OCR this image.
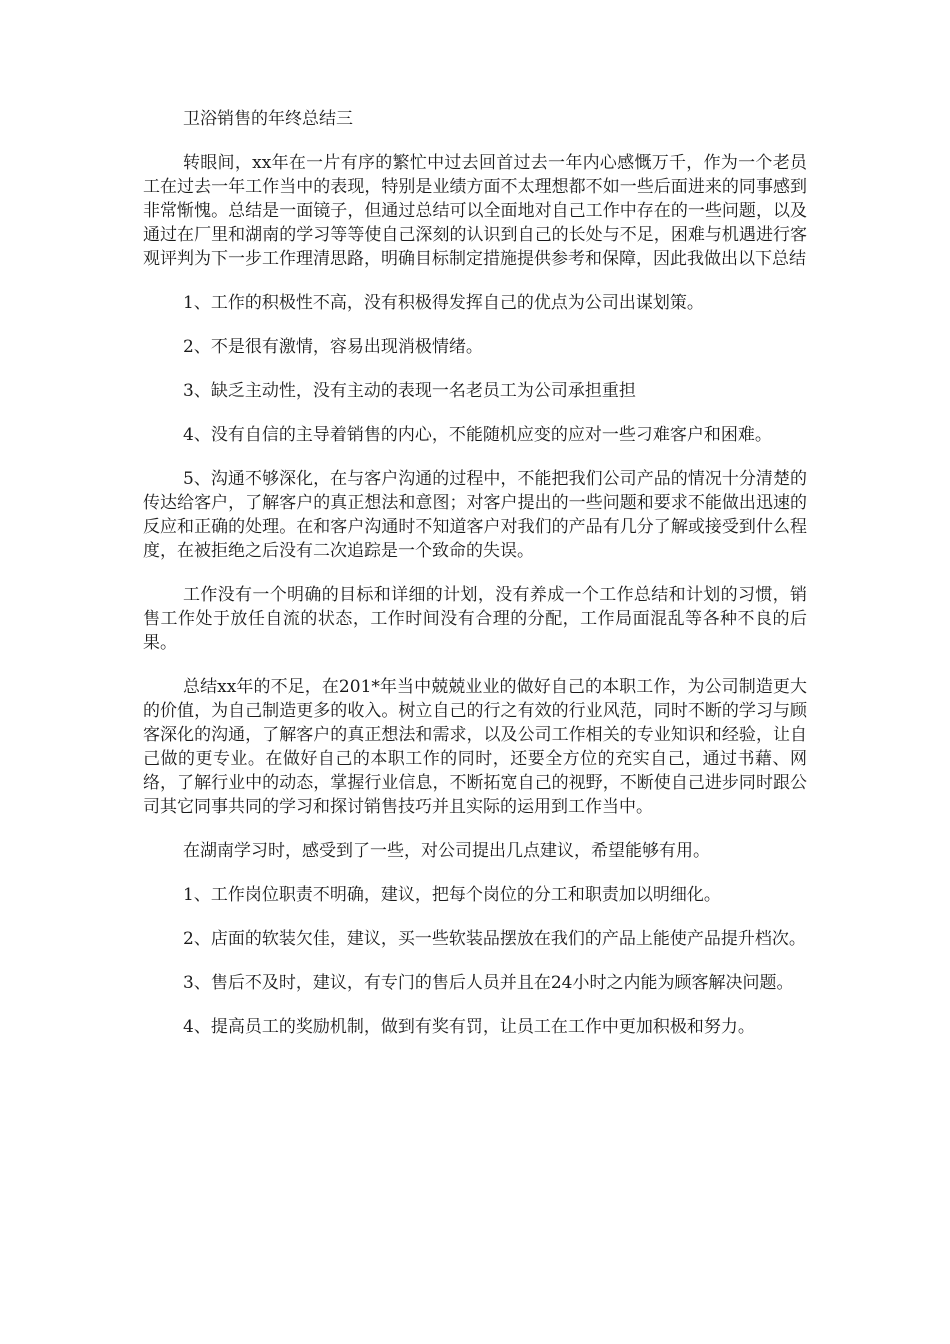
卫浴销售的年终总结三

转眼间，xx年在一片有序的繁忙中过去回首过去一年内心感慨万千，作为一个老员工在过去一年工作当中的表现，特别是业绩方面不太理想都不如一些后面进来的同事感到非常惭愧。总结是一面镜子，但通过总结可以全面地对自己工作中存在的一些问题，以及通过在厂里和湖南的学习等等使自己深刻的认识到自己的长处与不足，困难与机遇进行客观评判为下一步工作理清思路，明确目标制定措施提供参考和保障，因此我做出以下总结

1、工作的积极性不高，没有积极得发挥自己的优点为公司出谋划策。

2、不是很有激情，容易出现消极情绪。

3、缺乏主动性，没有主动的表现一名老员工为公司承担重担

4、没有自信的主导着销售的内心，不能随机应变的应对一些刁难客户和困难。

5、沟通不够深化，在与客户沟通的过程中，不能把我们公司产品的情况十分清楚的传达给客户，了解客户的真正想法和意图；对客户提出的一些问题和要求不能做出迅速的反应和正确的处理。在和客户沟通时不知道客户对我们的产品有几分了解或接受到什么程度，在被拒绝之后没有二次追踪是一个致命的失误。

工作没有一个明确的目标和详细的计划，没有养成一个工作总结和计划的习惯，销售工作处于放任自流的状态，工作时间没有合理的分配，工作局面混乱等各种不良的后果。

总结xx年的不足，在201*年当中兢兢业业的做好自己的本职工作，为公司制造更大的价值，为自己制造更多的收入。树立自己的行之有效的行业风范，同时不断的学习与顾客深化的沟通，了解客户的真正想法和需求，以及公司工作相关的专业知识和经验，让自己做的更专业。在做好自己的本职工作的同时，还要全方位的充实自己，通过书藉、网络，了解行业中的动态，掌握行业信息，不断拓宽自己的视野，不断使自己进步同时跟公司其它同事共同的学习和探讨销售技巧并且实际的运用到工作当中。

在湖南学习时，感受到了一些，对公司提出几点建议，希望能够有用。

1、工作岗位职责不明确，建议，把每个岗位的分工和职责加以明细化。

2、店面的软装欠佳，建议，买一些软装品摆放在我们的产品上能使产品提升档次。

3、售后不及时，建议，有专门的售后人员并且在24小时之内能为顾客解决问题。

4、提高员工的奖励机制，做到有奖有罚，让员工在工作中更加积极和努力。
